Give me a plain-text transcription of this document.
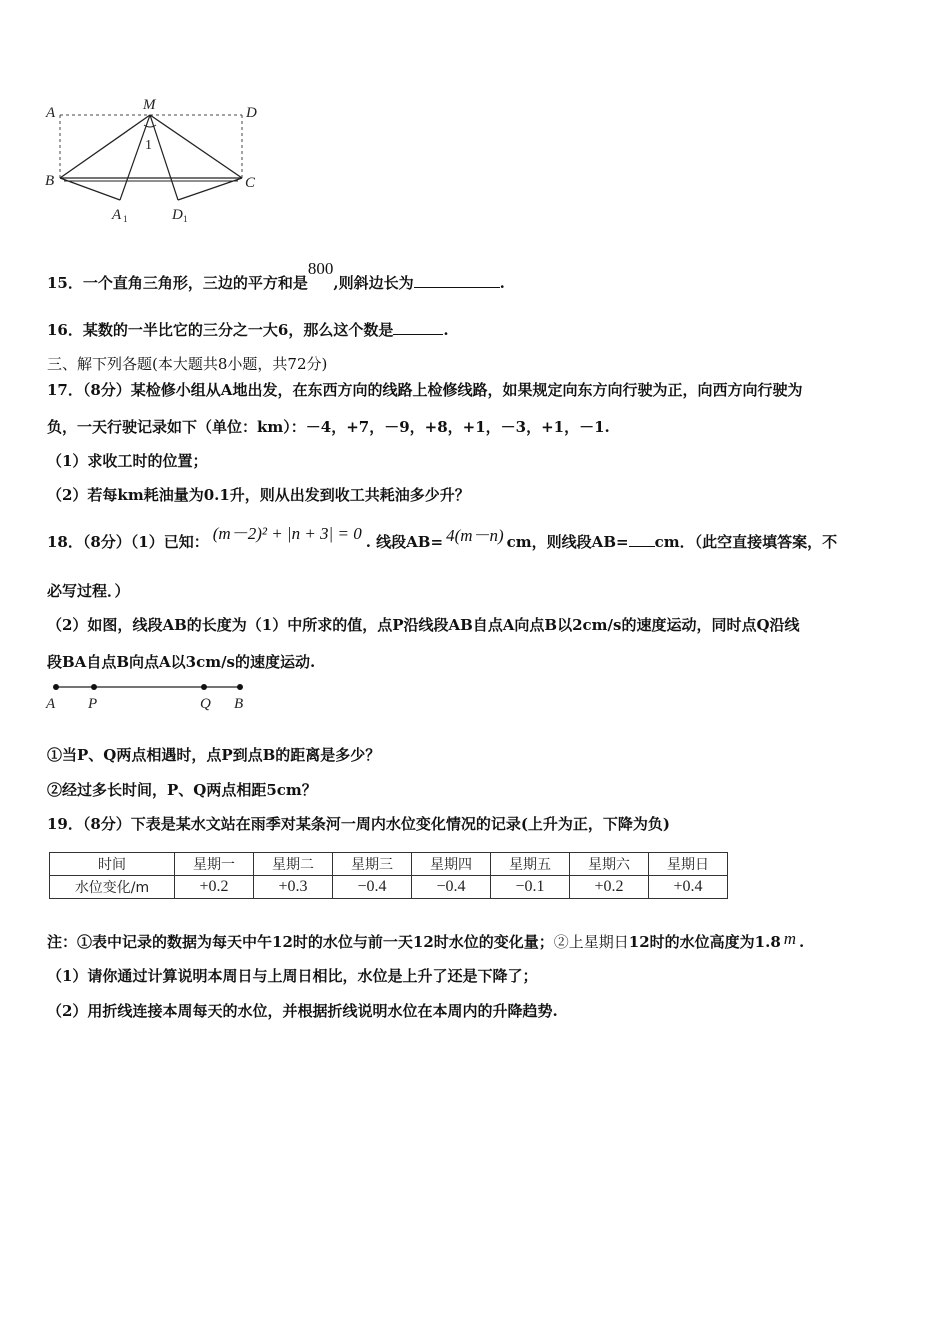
A	M	D
B	C
A 1	D 1
1
15．一个直角三角形，三边的平方和是800,则斜边长为	.
16．某数的一半比它的三分之一大6，那么这个数是	.
三、解下列各题(本大题共8小题，共72分)
17．（8分）某检修小组从A地出发，在东西方向的线路上检修线路，如果规定向东方向行驶为正，向西方向行驶为
负，一天行驶记录如下（单位：km）：－4，+7，－9，+8，+1，－3，+1，－1.
（1）求收工时的位置；
（2）若每km耗油量为0.1升，则从出发到收工共耗油多少升？
18．（8分）（1）已知： (m－2)² + |n + 3| = 0 . 线段AB= 4(m－n) cm，则线段AB= cm．（此空直接填答案，不
必写过程．）
（2）如图，线段AB的长度为（1）中所求的值，点P沿线段AB自点A向点B以2cm/s的速度运动，同时点Q沿线
段BA自点B向点A以3cm/s的速度运动.
A P	Q B
①当P、Q两点相遇时，点P到点B的距离是多少？
②经过多长时间，P、Q两点相距5cm？
19．（8分）下表是某水文站在雨季对某条河一周内水位变化情况的记录(上升为正，下降为负)
时间	星期一	星期二	星期三	星期四	星期五	星期六	星期日
水位变化/m	+0.2	+0.3	−0.4	−0.4	−0.1	+0.2	+0.4
注：①表中记录的数据为每天中午12时的水位与前一天12时水位的变化量；②上星期日12时的水位高度为1.8 m .
（1）请你通过计算说明本周日与上周日相比，水位是上升了还是下降了；
（2）用折线连接本周每天的水位，并根据折线说明水位在本周内的升降趋势.
